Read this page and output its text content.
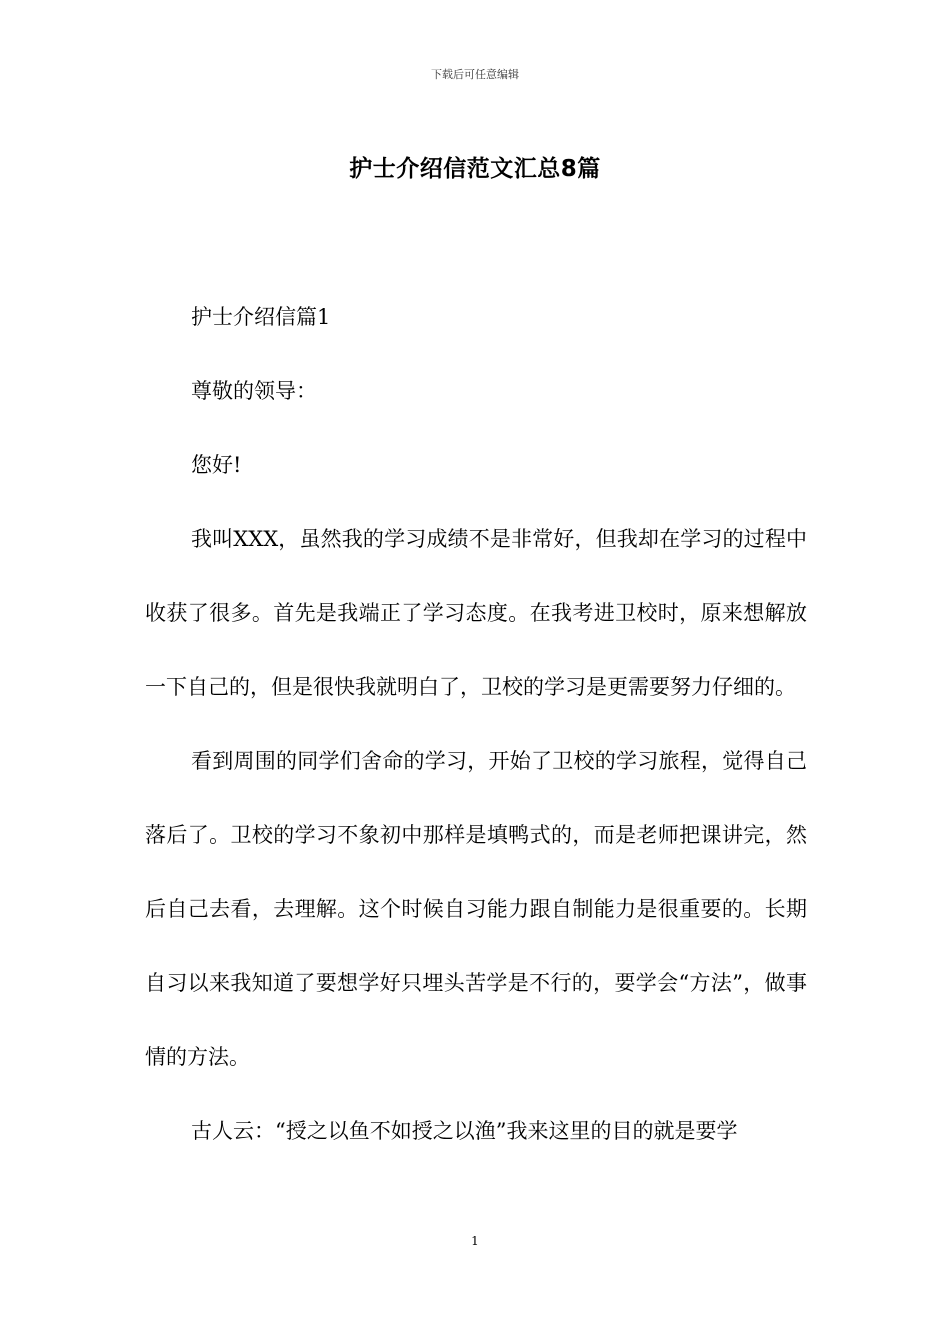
下载后可任意编辑
护士介绍信范文汇总8篇

护士介绍信篇1

尊敬的领导：

您好!

我叫XXX，虽然我的学习成绩不是非常好，但我却在学习的过程中收获了很多。首先是我端正了学习态度。在我考进卫校时，原来想解放一下自己的，但是很快我就明白了，卫校的学习是更需要努力仔细的。

看到周围的同学们舍命的学习，开始了卫校的学习旅程，觉得自己落后了。卫校的学习不象初中那样是填鸭式的，而是老师把课讲完，然后自己去看，去理解。这个时候自习能力跟自制能力是很重要的。长期自习以来我知道了要想学好只埋头苦学是不行的，要学会“方法”，做事情的方法。

古人云：“授之以鱼不如授之以渔”我来这里的目的就是要学

1
